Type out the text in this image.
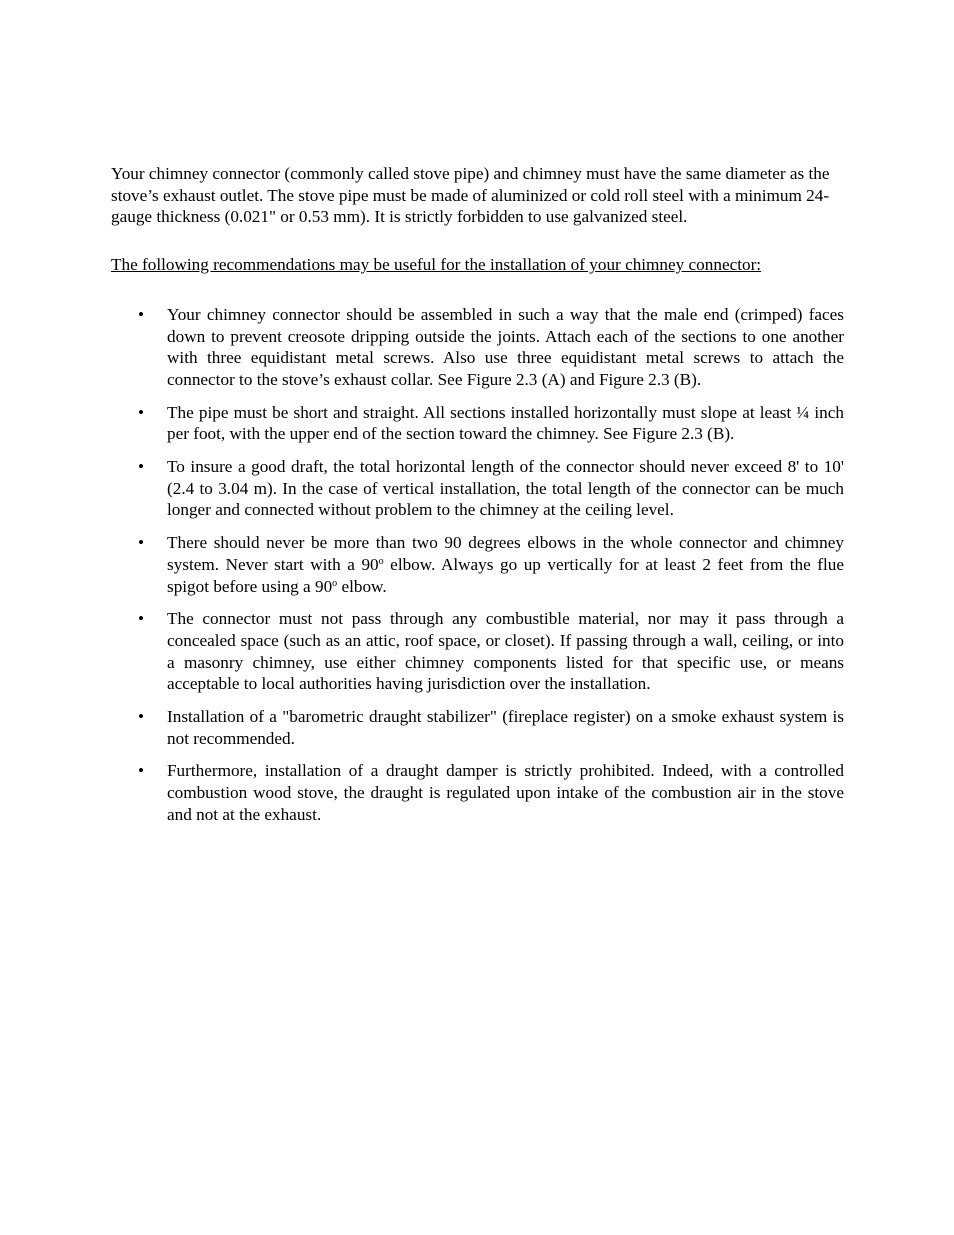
Your chimney connector (commonly called stove pipe) and chimney must have the same diameter as the stove’s exhaust outlet. The stove pipe must be made of aluminized or cold roll steel with a minimum 24-gauge thickness (0.021" or 0.53 mm). It is strictly forbidden to use galvanized steel.

The following recommendations may be useful for the installation of your chimney connector:

• Your chimney connector should be assembled in such a way that the male end (crimped) faces down to prevent creosote dripping outside the joints. Attach each of the sections to one another with three equidistant metal screws. Also use three equidistant metal screws to attach the connector to the stove’s exhaust collar. See Figure 2.3 (A) and Figure 2.3 (B).
• The pipe must be short and straight. All sections installed horizontally must slope at least ¼ inch per foot, with the upper end of the section toward the chimney. See Figure 2.3 (B).
• To insure a good draft, the total horizontal length of the connector should never exceed 8' to 10' (2.4 to 3.04 m). In the case of vertical installation, the total length of the connector can be much longer and connected without problem to the chimney at the ceiling level.
• There should never be more than two 90 degrees elbows in the whole connector and chimney system. Never start with a 90$^o$ elbow. Always go up vertically for at least 2 feet from the flue spigot before using a 90$^o$ elbow.
• The connector must not pass through any combustible material, nor may it pass through a concealed space (such as an attic, roof space, or closet). If passing through a wall, ceiling, or into a masonry chimney, use either chimney components listed for that specific use, or means acceptable to local authorities having jurisdiction over the installation.
• Installation of a "barometric draught stabilizer" (fireplace register) on a smoke exhaust system is not recommended.
• Furthermore, installation of a draught damper is strictly prohibited. Indeed, with a controlled combustion wood stove, the draught is regulated upon intake of the combustion air in the stove and not at the exhaust.
